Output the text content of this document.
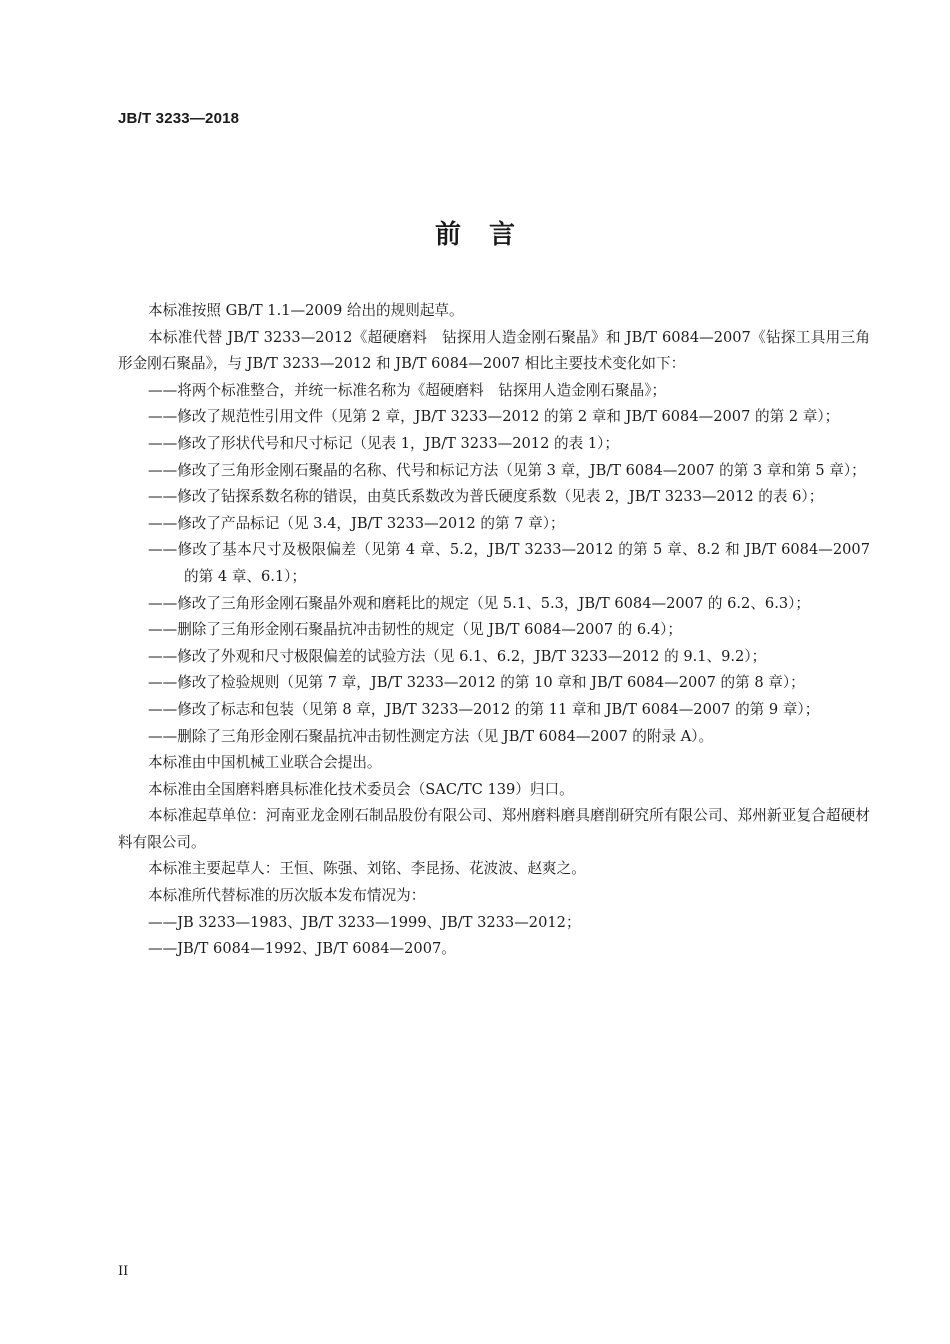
JB/T 3233—2018
前言

本标准按照 GB/T 1.1—2009 给出的规则起草。

本标准代替 JB/T 3233—2012《超硬磨料　钻探用人造金刚石聚晶》和 JB/T 6084—2007《钻探工具用三角形金刚石聚晶》，与 JB/T 3233—2012 和 JB/T 6084—2007 相比主要技术变化如下：

——将两个标准整合，并统一标准名称为《超硬磨料　钻探用人造金刚石聚晶》；

——修改了规范性引用文件（见第 2 章，JB/T 3233—2012 的第 2 章和 JB/T 6084—2007 的第 2 章）；

——修改了形状代号和尺寸标记（见表 1，JB/T 3233—2012 的表 1）；

——修改了三角形金刚石聚晶的名称、代号和标记方法（见第 3 章，JB/T 6084—2007 的第 3 章和第 5 章）；

——修改了钻探系数名称的错误，由莫氏系数改为普氏硬度系数（见表 2，JB/T 3233—2012 的表 6）；

——修改了产品标记（见 3.4，JB/T 3233—2012 的第 7 章）；

——修改了基本尺寸及极限偏差（见第 4 章、5.2，JB/T 3233—2012 的第 5 章、8.2 和 JB/T 6084—2007 的第 4 章、6.1）；

——修改了三角形金刚石聚晶外观和磨耗比的规定（见 5.1、5.3，JB/T 6084—2007 的 6.2、6.3）；

——删除了三角形金刚石聚晶抗冲击韧性的规定（见 JB/T 6084—2007 的 6.4）；

——修改了外观和尺寸极限偏差的试验方法（见 6.1、6.2，JB/T 3233—2012 的 9.1、9.2）；

——修改了检验规则（见第 7 章，JB/T 3233—2012 的第 10 章和 JB/T 6084—2007 的第 8 章）；

——修改了标志和包装（见第 8 章，JB/T 3233—2012 的第 11 章和 JB/T 6084—2007 的第 9 章）；

——删除了三角形金刚石聚晶抗冲击韧性测定方法（见 JB/T 6084—2007 的附录 A）。

本标准由中国机械工业联合会提出。

本标准由全国磨料磨具标准化技术委员会（SAC/TC 139）归口。

本标准起草单位：河南亚龙金刚石制品股份有限公司、郑州磨料磨具磨削研究所有限公司、郑州新亚复合超硬材料有限公司。

本标准主要起草人：王恒、陈强、刘铭、李昆扬、花波波、赵爽之。

本标准所代替标准的历次版本发布情况为：

——JB 3233—1983、JB/T 3233—1999、JB/T 3233—2012；

——JB/T 6084—1992、JB/T 6084—2007。

II
